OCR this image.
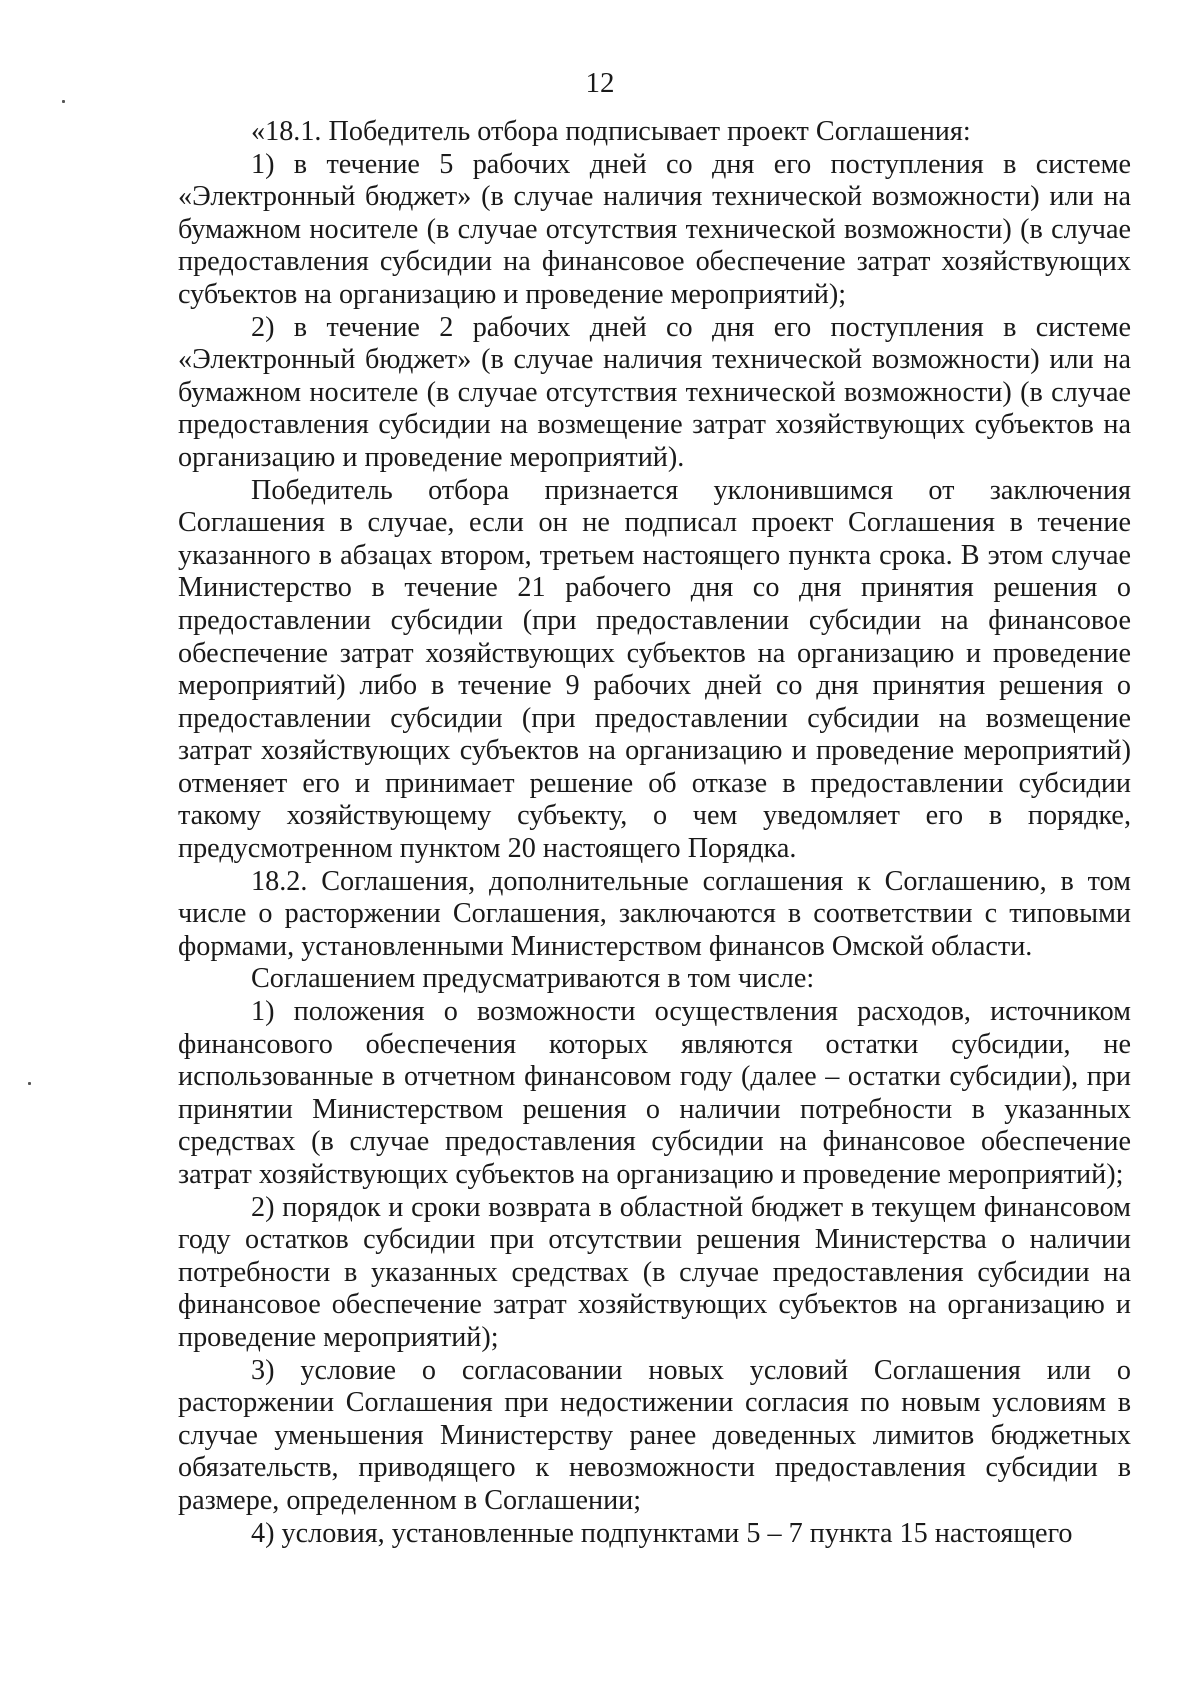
12

«18.1. Победитель отбора подписывает проект Соглашения:

1) в течение 5 рабочих дней со дня его поступления в системе «Электронный бюджет» (в случае наличия технической возможности) или на бумажном носителе (в случае отсутствия технической возможности) (в случае предоставления субсидии на финансовое обеспечение затрат хозяйствующих субъектов на организацию и проведение мероприятий);

2) в течение 2 рабочих дней со дня его поступления в системе «Электронный бюджет» (в случае наличия технической возможности) или на бумажном носителе (в случае отсутствия технической возможности) (в случае предоставления субсидии на возмещение затрат хозяйствующих субъектов на организацию и проведение мероприятий).

Победитель отбора признается уклонившимся от заключения Соглашения в случае, если он не подписал проект Соглашения в течение указанного в абзацах втором, третьем настоящего пункта срока. В этом случае Министерство в течение 21 рабочего дня со дня принятия решения о предоставлении субсидии (при предоставлении субсидии на финансовое обеспечение затрат хозяйствующих субъектов на организацию и проведение мероприятий) либо в течение 9 рабочих дней со дня принятия решения о предоставлении субсидии (при предоставлении субсидии на возмещение затрат хозяйствующих субъектов на организацию и проведение мероприятий) отменяет его и принимает решение об отказе в предоставлении субсидии такому хозяйствующему субъекту, о чем уведомляет его в порядке, предусмотренном пунктом 20 настоящего Порядка.

18.2. Соглашения, дополнительные соглашения к Соглашению, в том числе о расторжении Соглашения, заключаются в соответствии с типовыми формами, установленными Министерством финансов Омской области.

Соглашением предусматриваются в том числе:

1) положения о возможности осуществления расходов, источником финансового обеспечения которых являются остатки субсидии, не использованные в отчетном финансовом году (далее – остатки субсидии), при принятии Министерством решения о наличии потребности в указанных средствах (в случае предоставления субсидии на финансовое обеспечение затрат хозяйствующих субъектов на организацию и проведение мероприятий);

2) порядок и сроки возврата в областной бюджет в текущем финансовом году остатков субсидии при отсутствии решения Министерства о наличии потребности в указанных средствах (в случае предоставления субсидии на финансовое обеспечение затрат хозяйствующих субъектов на организацию и проведение мероприятий);

3) условие о согласовании новых условий Соглашения или о расторжении Соглашения при недостижении согласия по новым условиям в случае уменьшения Министерству ранее доведенных лимитов бюджетных обязательств, приводящего к невозможности предоставления субсидии в размере, определенном в Соглашении;

4) условия, установленные подпунктами 5 – 7 пункта 15 настоящего
